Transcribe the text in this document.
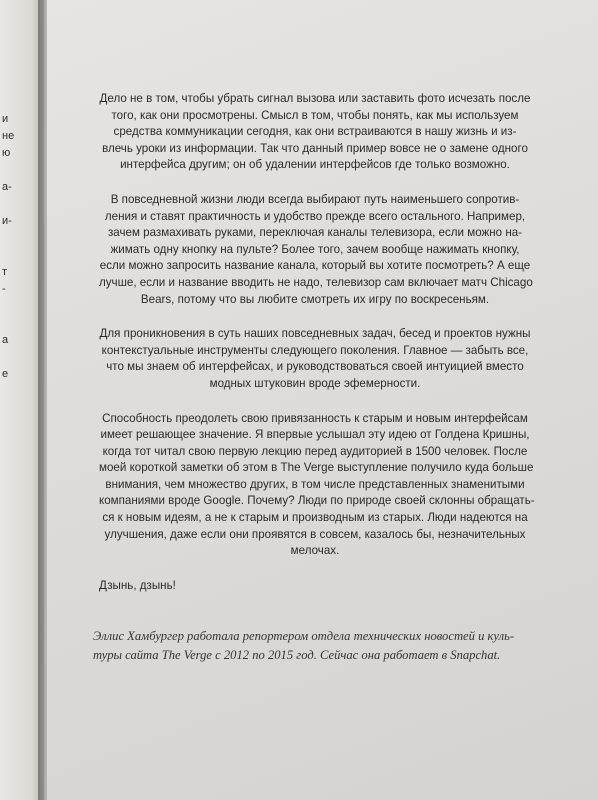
и
не
ю
а-
и-
т
-
а
е
Дело не в том, чтобы убрать сигнал вызова или заставить фото исчезать после
того, как они просмотрены. Смысл в том, чтобы понять, как мы используем
средства коммуникации сегодня, как они встраиваются в нашу жизнь и из-
влечь уроки из информации. Так что данный пример вовсе не о замене одного
интерфейса другим; он об удалении интерфейсов где только возможно.
В повседневной жизни люди всегда выбирают путь наименьшего сопротив-
ления и ставят практичность и удобство прежде всего остального. Например,
зачем размахивать руками, переключая каналы телевизора, если можно на-
жимать одну кнопку на пульте? Более того, зачем вообще нажимать кнопку,
если можно запросить название канала, который вы хотите посмотреть? А еще
лучше, если и название вводить не надо, телевизор сам включает матч Chicago
Bears, потому что вы любите смотреть их игру по воскресеньям.
Для проникновения в суть наших повседневных задач, бесед и проектов нужны
контекстуальные инструменты следующего поколения. Главное — забыть все,
что мы знаем об интерфейсах, и руководствоваться своей интуицией вместо
модных штуковин вроде эфемерности.
Способность преодолеть свою привязанность к старым и новым интерфейсам
имеет решающее значение. Я впервые услышал эту идею от Голдена Кришны,
когда тот читал свою первую лекцию перед аудиторией в 1500 человек. После
моей короткой заметки об этом в The Verge выступление получило куда больше
внимания, чем множество других, в том числе представленных знаменитыми
компаниями вроде Google. Почему? Люди по природе своей склонны обращать-
ся к новым идеям, а не к старым и производным из старых. Люди надеются на
улучшения, даже если они проявятся в совсем, казалось бы, незначительных
мелочах.

Дзынь, дзынь!

Эллис Хамбургер работала репортером отдела технических новостей и куль-
туры сайта The Verge с 2012 по 2015 год. Сейчас она работает в Snapchat.
